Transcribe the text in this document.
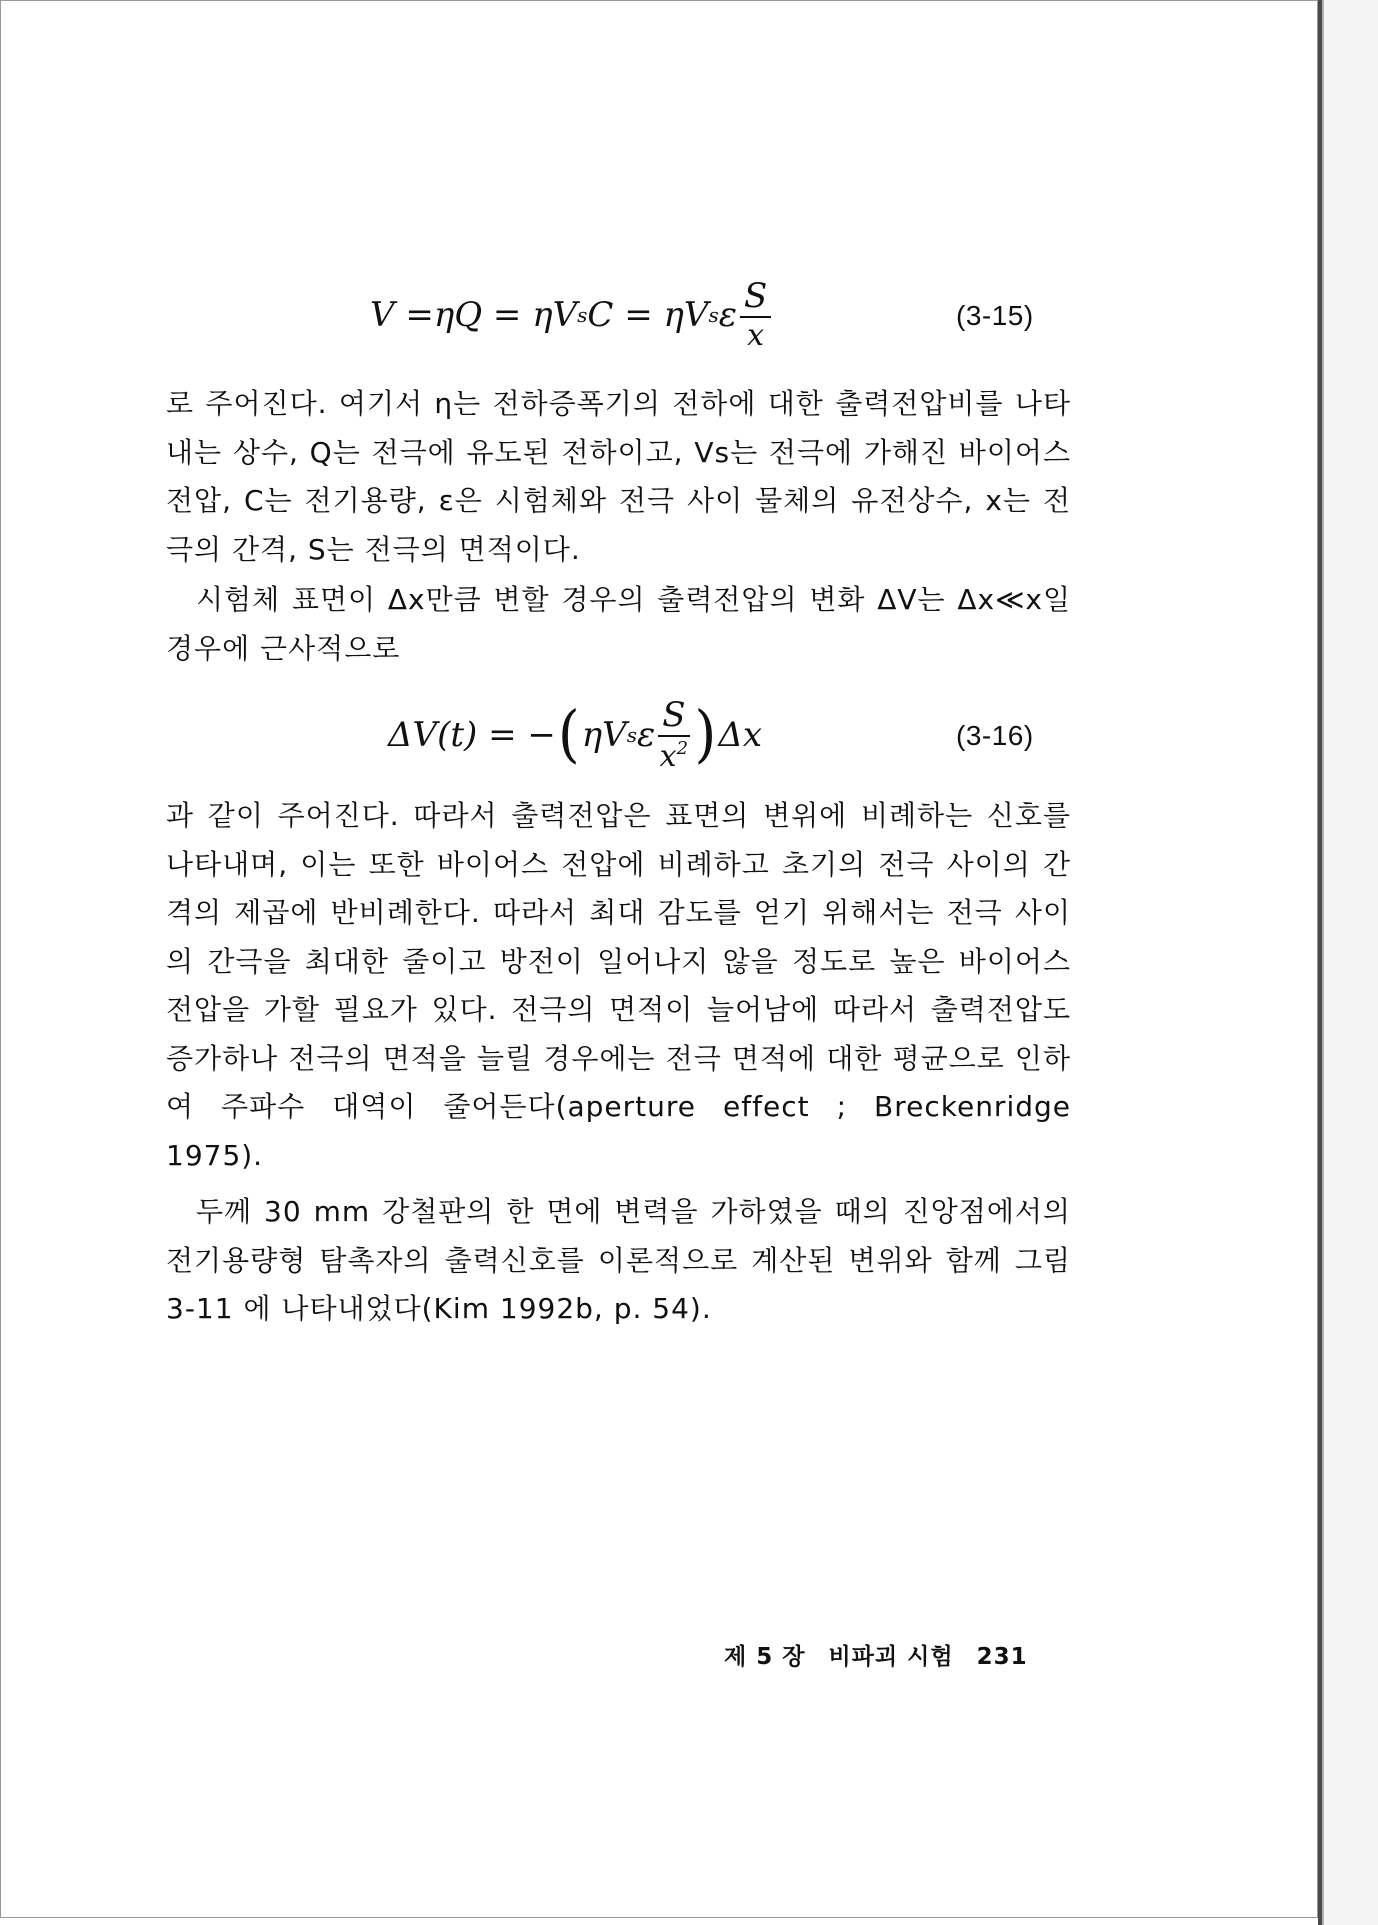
V = ηQ = ηV s C = ηV s ε $\frac{S}{x}$	(3-15)
로 주어진다. 여기서 η는 전하증폭기의 전하에 대한 출력전압비를 나타내는 상수, Q는 전극에 유도된 전하이고, Vs는 전극에 가해진 바이어스 전압, C는 전기용량, ε은 시험체와 전극 사이 물체의 유전상수, x는 전극의 간격, S는 전극의 면적이다.
시험체 표면이 Δx만큼 변할 경우의 출력전압의 변화 ΔV는 Δx≪x일 경우에 근사적으로
ΔV(t) = − ( ηV s ε $\frac{S}{x^2}$ ) Δx	(3-16)
과 같이 주어진다. 따라서 출력전압은 표면의 변위에 비례하는 신호를 나타내며, 이는 또한 바이어스 전압에 비례하고 초기의 전극 사이의 간격의 제곱에 반비례한다. 따라서 최대 감도를 얻기 위해서는 전극 사이의 간극을 최대한 줄이고 방전이 일어나지 않을 정도로 높은 바이어스 전압을 가할 필요가 있다. 전극의 면적이 늘어남에 따라서 출력전압도 증가하나 전극의 면적을 늘릴 경우에는 전극 면적에 대한 평균으로 인하여 주파수 대역이 줄어든다(aperture effect ; Breckenridge 1975).
두께 30 mm 강철판의 한 면에 변력을 가하였을 때의 진앙점에서의 전기용량형 탐촉자의 출력신호를 이론적으로 계산된 변위와 함께 그림 3-11 에 나타내었다(Kim 1992b, p. 54).
제 5 장 비파괴 시험 231
